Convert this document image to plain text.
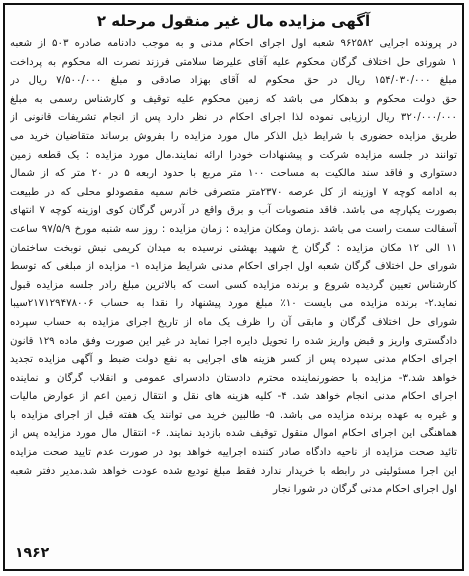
آگهی مزایده مال غیر منقول مرحله ۲
در پرونده اجرایی ۹۶۲۵۸۲ شعبه اول اجرای احکام مدنی و به موجب دادنامه صادره ۵۰۳ از شعبه
۱ شورای حل اختلاف گرگان محکوم علیه آقای علیرضا سلامتی فرزند نصرت اله محکوم به پرداخت
مبلغ ۱۵۴/۰۳۰/۰۰۰ ریال در حق محکوم له آقای بهزاد صادقی و مبلغ ۷/۵۰۰/۰۰۰ ریال در
حق دولت محکوم و بدهکار می باشد که زمین محکوم علیه توقیف و کارشناس رسمی به مبلغ
۳۲۰/۰۰۰/۰۰۰ ریال ارزیابی نموده لذا اجرای احکام در نظر دارد پس از انجام تشریفات قانونی از
طریق مزایده حضوری با شرایط ذیل الذکر مال مورد مزایده را بفروش برساند متقاضیان خرید می
توانند در جلسه مزایده شرکت و پیشنهادات خودرا ارائه نمایند.مال مورد مزایده : یک قطعه زمین
دستواری و فاقد سند مالکیت به مساحت ۱۰۰ متر مربع با حدود اربعه ۵ در ۲۰ متر که از شمال
به ادامه کوچه ۷ اوزینه از کل عرصه ۲۳۷۰متر متصرفی خانم سمیه مقصودلو محلی که در طبیعت
بصورت یکپارچه می باشد. فاقد منصوبات آب و برق واقع در آدرس گرگان کوی اوزینه کوچه ۷ انتهای
آسفالت سمت راست می باشد .زمان ومکان مزایده : زمان مزایده : روز سه شنبه مورخ ۹۷/۵/۹ ساعت
۱۱ الی ۱۲ مکان مزایده : گرگان خ شهید بهشتی نرسیده به میدان کریمی نبش نوبخت ساختمان
شورای حل اختلاف گرگان شعبه اول اجرای احکام مدنی شرایط مزایده ۱- مزایده از مبلغی که توسط
کارشناس تعیین گردیده شروع و برنده مزایده کسی است که بالاترین مبلغ رادر جلسه مزایده قبول
نماید.۲- برنده مزایده می بایست ۱۰٪ مبلغ مورد پیشنهاد را نقدا به حساب ۲۱۷۱۲۹۴۷۸۰۰۶سیبا
شورای حل اختلاف گرگان و مابقی آن را ظرف یک ماه از تاریخ اجرای مزایده به حساب سپرده
دادگستری واریز و قبض واریز شده را تحویل دایره اجرا نماید در غیر این صورت وفق ماده ۱۲۹ قانون
اجرای احکام مدنی سپرده پس از کسر هزینه های اجرایی به نفع دولت ضبط و آگهی مزایده تجدید
خواهد شد.۳- مزایده با حضورنماینده محترم دادستان دادسرای عمومی و انقلاب گرگان و نماینده
اجرای احکام مدنی انجام خواهد شد. ۴- کلیه هزینه های نقل و انتقال زمین اعم از عوارض مالیات
و غیره به عهده برنده مزایده می باشد. ۵- طالبین خرید می توانند یک هفته قبل از اجرای مزایده با
هماهنگی این اجرای احکام اموال منقول توقیف شده بازدید نمایند. ۶- انتقال مال مورد مزایده پس از
تائید صحت مزایده از ناحیه دادگاه صادر کننده اجراییه خواهد بود در صورت عدم تایید صحت مزایده
این اجرا مسئولیتی در رابطه با خریدار ندارد فقط مبلغ تودیع شده عودت خواهد شد.مدیر دفتر شعبه
اول اجرای احکام مدنی گرگان در شورا نجار
۱۹۶۲
